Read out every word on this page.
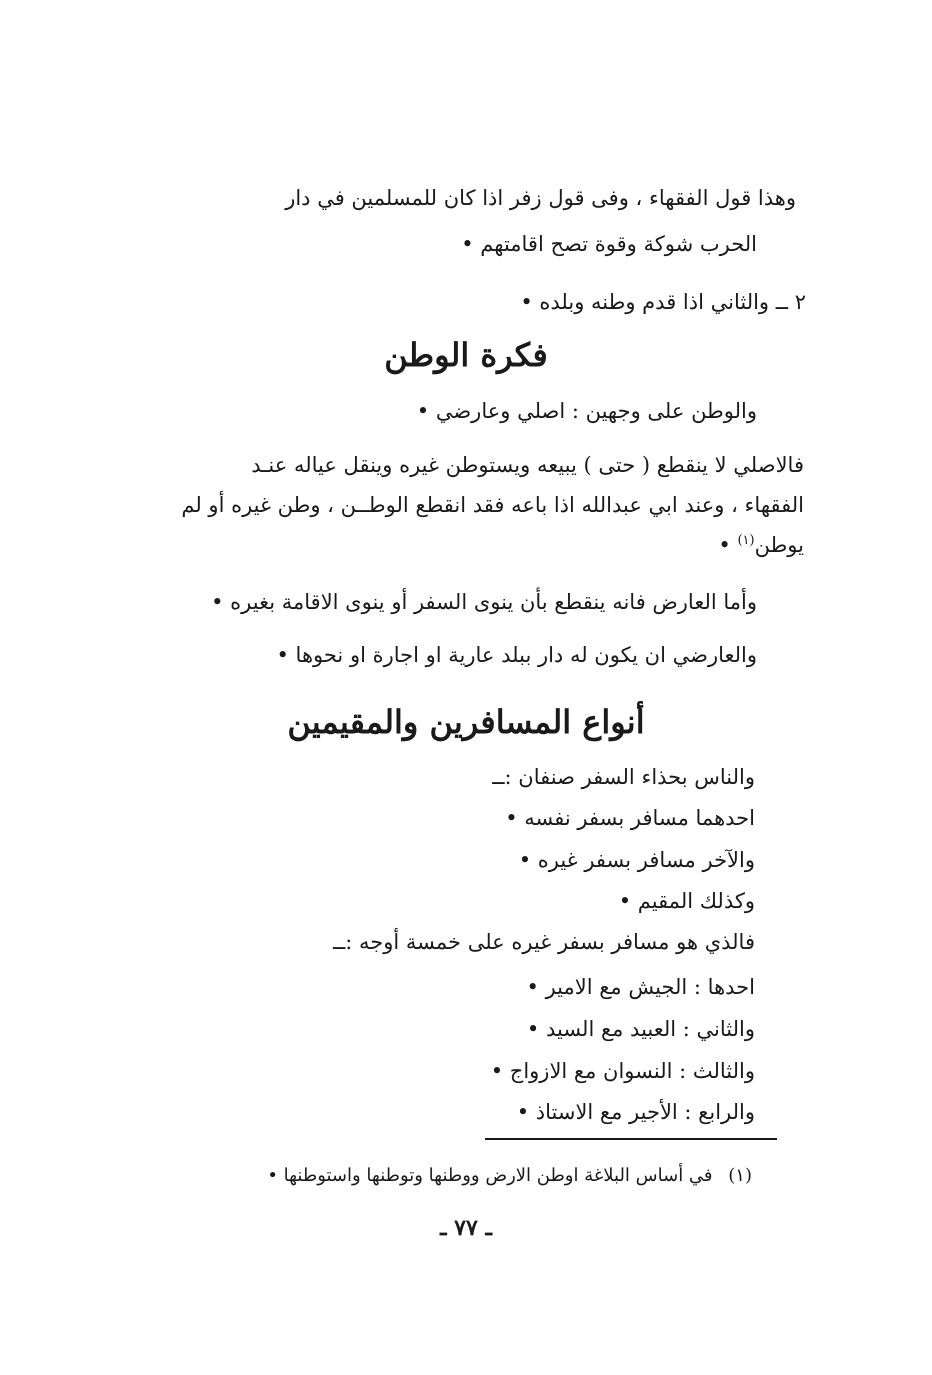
وهذا قول الفقهاء ، وفى قول زفر اذا كان للمسلمين في دار
الحرب شوكة وقوة تصح اقامتهم •
٢ ــ والثاني اذا قدم وطنه وبلده •
فكرة الوطن
والوطن على وجهين : اصلي وعارضي •
فالاصلي لا ينقطع ( حتى ) يبيعه ويستوطن غيره وينقل عياله عنـد
الفقهاء ، وعند ابي عبدالله اذا باعه فقد انقطع الوطــن ، وطن غيره أو لم
يوطن$^{(١)}$ •
وأما العارض فانه ينقطع بأن ينوى السفر أو ينوى الاقامة بغيره •
والعارضي ان يكون له دار ببلد عارية او اجارة او نحوها •
أنواع المسافرين والمقيمين
والناس بحذاء السفر صنفان :ــ
احدهما مسافر بسفر نفسه •
والآخر مسافر بسفر غيره •
وكذلك المقيم •
فالذي هو مسافر بسفر غيره على خمسة أوجه :ــ
احدها : الجيش مع الامير •
والثاني : العبيد مع السيد •
والثالث : النسوان مع الازواج •
والرابع : الأجير مع الاستاذ •
(١) في أساس البلاغة اوطن الارض ووطنها وتوطنها واستوطنها •
ـ ٧٧ ـ
